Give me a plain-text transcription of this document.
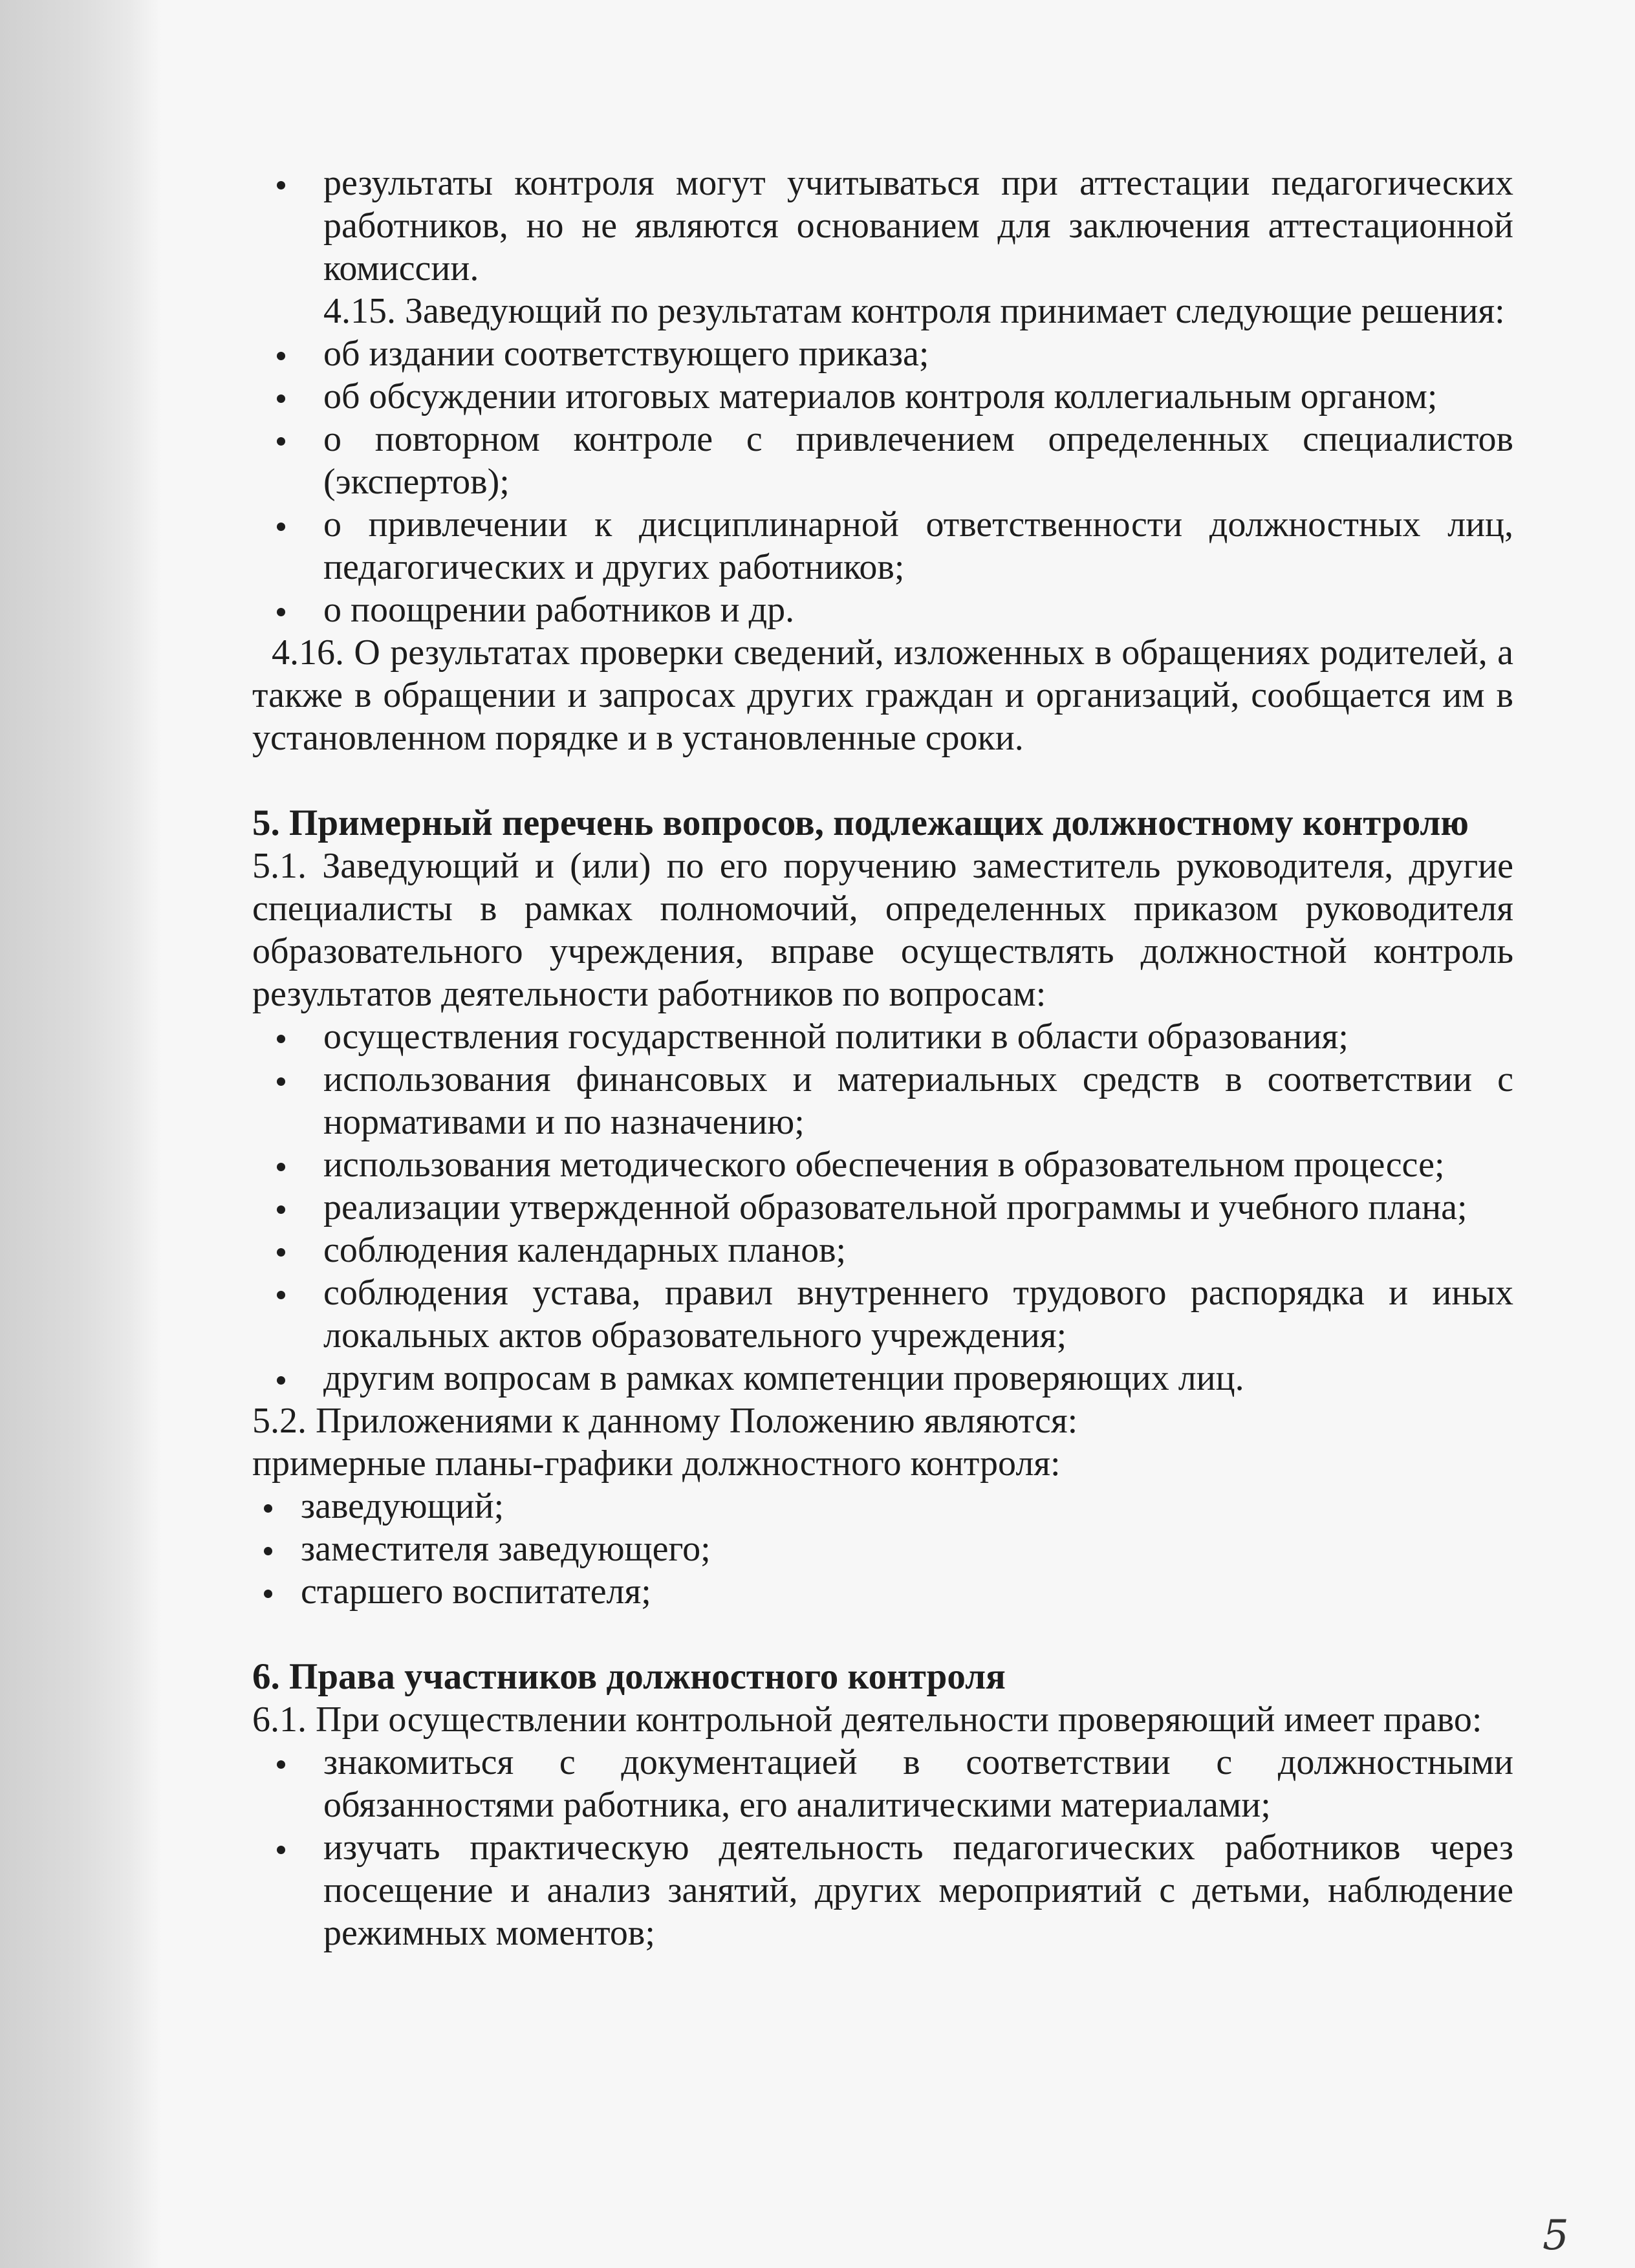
результаты контроля могут учитываться при аттестации педагогических работников, но не являются основанием для заключения аттестационной комиссии.

4.15. Заведующий по результатам контроля принимает следующие решения:

об издании соответствующего приказа;
об обсуждении итоговых материалов контроля коллегиальным органом;
о повторном контроле с привлечением определенных специалистов (экспертов);
о привлечении к дисциплинарной ответственности должностных лиц, педагогических и других работников;
о поощрении работников и др.

4.16. О результатах проверки сведений, изложенных в обращениях родителей, а также в обращении и запросах других граждан и организаций, сообщается им в установленном порядке и в установленные сроки.

5. Примерный перечень вопросов, подлежащих должностному контролю

5.1. Заведующий и (или) по его поручению заместитель руководителя, другие специалисты в рамках полномочий, определенных приказом руководителя образовательного учреждения, вправе осуществлять должностной контроль результатов деятельности работников по вопросам:

осуществления государственной политики в области образования;
использования финансовых и материальных средств в соответствии с нормативами и по назначению;
использования методического обеспечения в образовательном процессе;
реализации утвержденной образовательной программы и учебного плана;
соблюдения календарных планов;
соблюдения устава, правил внутреннего трудового распорядка и иных локальных актов образовательного учреждения;
другим вопросам в рамках компетенции проверяющих лиц.

5.2. Приложениями к данному Положению являются:

примерные планы-графики должностного контроля:

заведующий;
заместителя заведующего;
старшего воспитателя;
6. Права участников должностного контроля

6.1. При осуществлении контрольной деятельности проверяющий имеет право:

знакомиться с документацией в соответствии с должностными обязанностями работника, его аналитическими материалами;
изучать практическую деятельность педагогических работников через посещение и анализ занятий, других мероприятий с детьми, наблюдение режимных моментов;
5
